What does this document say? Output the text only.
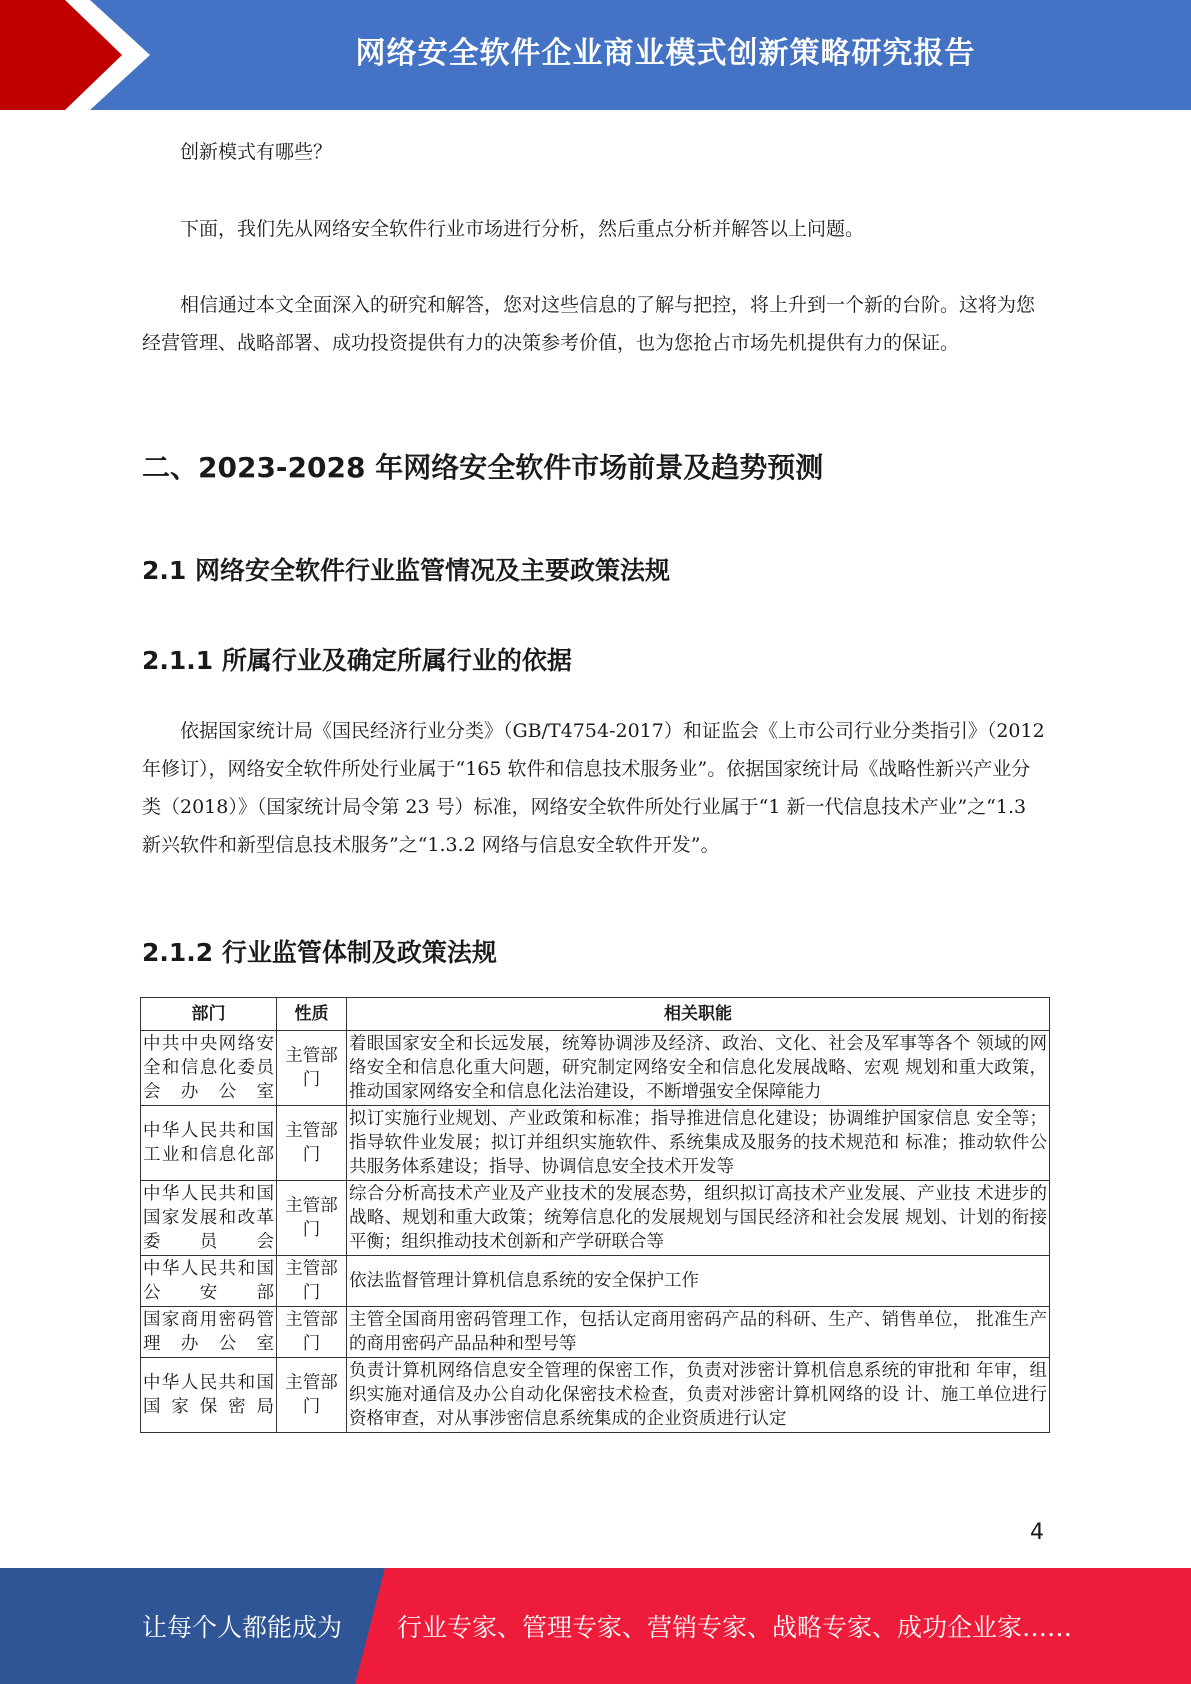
网络安全软件企业商业模式创新策略研究报告
创新模式有哪些？
下面，我们先从网络安全软件行业市场进行分析，然后重点分析并解答以上问题。
相信通过本文全面深入的研究和解答，您对这些信息的了解与把控，将上升到一个新的台阶。这将为您经营管理、战略部署、成功投资提供有力的决策参考价值，也为您抢占市场先机提供有力的保证。
二、2023-2028 年网络安全软件市场前景及趋势预测
2.1 网络安全软件行业监管情况及主要政策法规
2.1.1 所属行业及确定所属行业的依据
依据国家统计局《国民经济行业分类》（GB/T4754-2017）和证监会《上市公司行业分类指引》（2012 年修订），网络安全软件所处行业属于“165 软件和信息技术服务业”。依据国家统计局《战略性新兴产业分类（2018）》（国家统计局令第 23 号）标准，网络安全软件所处行业属于“1 新一代信息技术产业”之“1.3 新兴软件和新型信息技术服务”之“1.3.2 网络与信息安全软件开发”。
2.1.2 行业监管体制及政策法规
部门	性质	相关职能
中共中央网络安全和信息化委员会办公室	主管部门	着眼国家安全和长远发展，统筹协调涉及经济、政治、文化、社会及军事等各个 领域的网络安全和信息化重大问题，研究制定网络安全和信息化发展战略、宏观 规划和重大政策，推动国家网络安全和信息化法治建设，不断增强安全保障能力
中华人民共和国工业和信息化部	主管部门	拟订实施行业规划、产业政策和标准；指导推进信息化建设；协调维护国家信息 安全等；指导软件业发展；拟订并组织实施软件、系统集成及服务的技术规范和 标准；推动软件公共服务体系建设；指导、协调信息安全技术开发等
中华人民共和国国家发展和改革委员会	主管部门	综合分析高技术产业及产业技术的发展态势，组织拟订高技术产业发展、产业技 术进步的战略、规划和重大政策；统筹信息化的发展规划与国民经济和社会发展 规划、计划的衔接平衡；组织推动技术创新和产学研联合等
中华人民共和国公安部	主管部门	依法监督管理计算机信息系统的安全保护工作
国家商用密码管理办公室	主管部门	主管全国商用密码管理工作，包括认定商用密码产品的科研、生产、销售单位， 批准生产的商用密码产品品种和型号等
中华人民共和国国家保密局	主管部门	负责计算机网络信息安全管理的保密工作，负责对涉密计算机信息系统的审批和 年审，组织实施对通信及办公自动化保密技术检查，负责对涉密计算机网络的设 计、施工单位进行资格审查，对从事涉密信息系统集成的企业资质进行认定
4
让每个人都能成为 行业专家、管理专家、营销专家、战略专家、成功企业家……
